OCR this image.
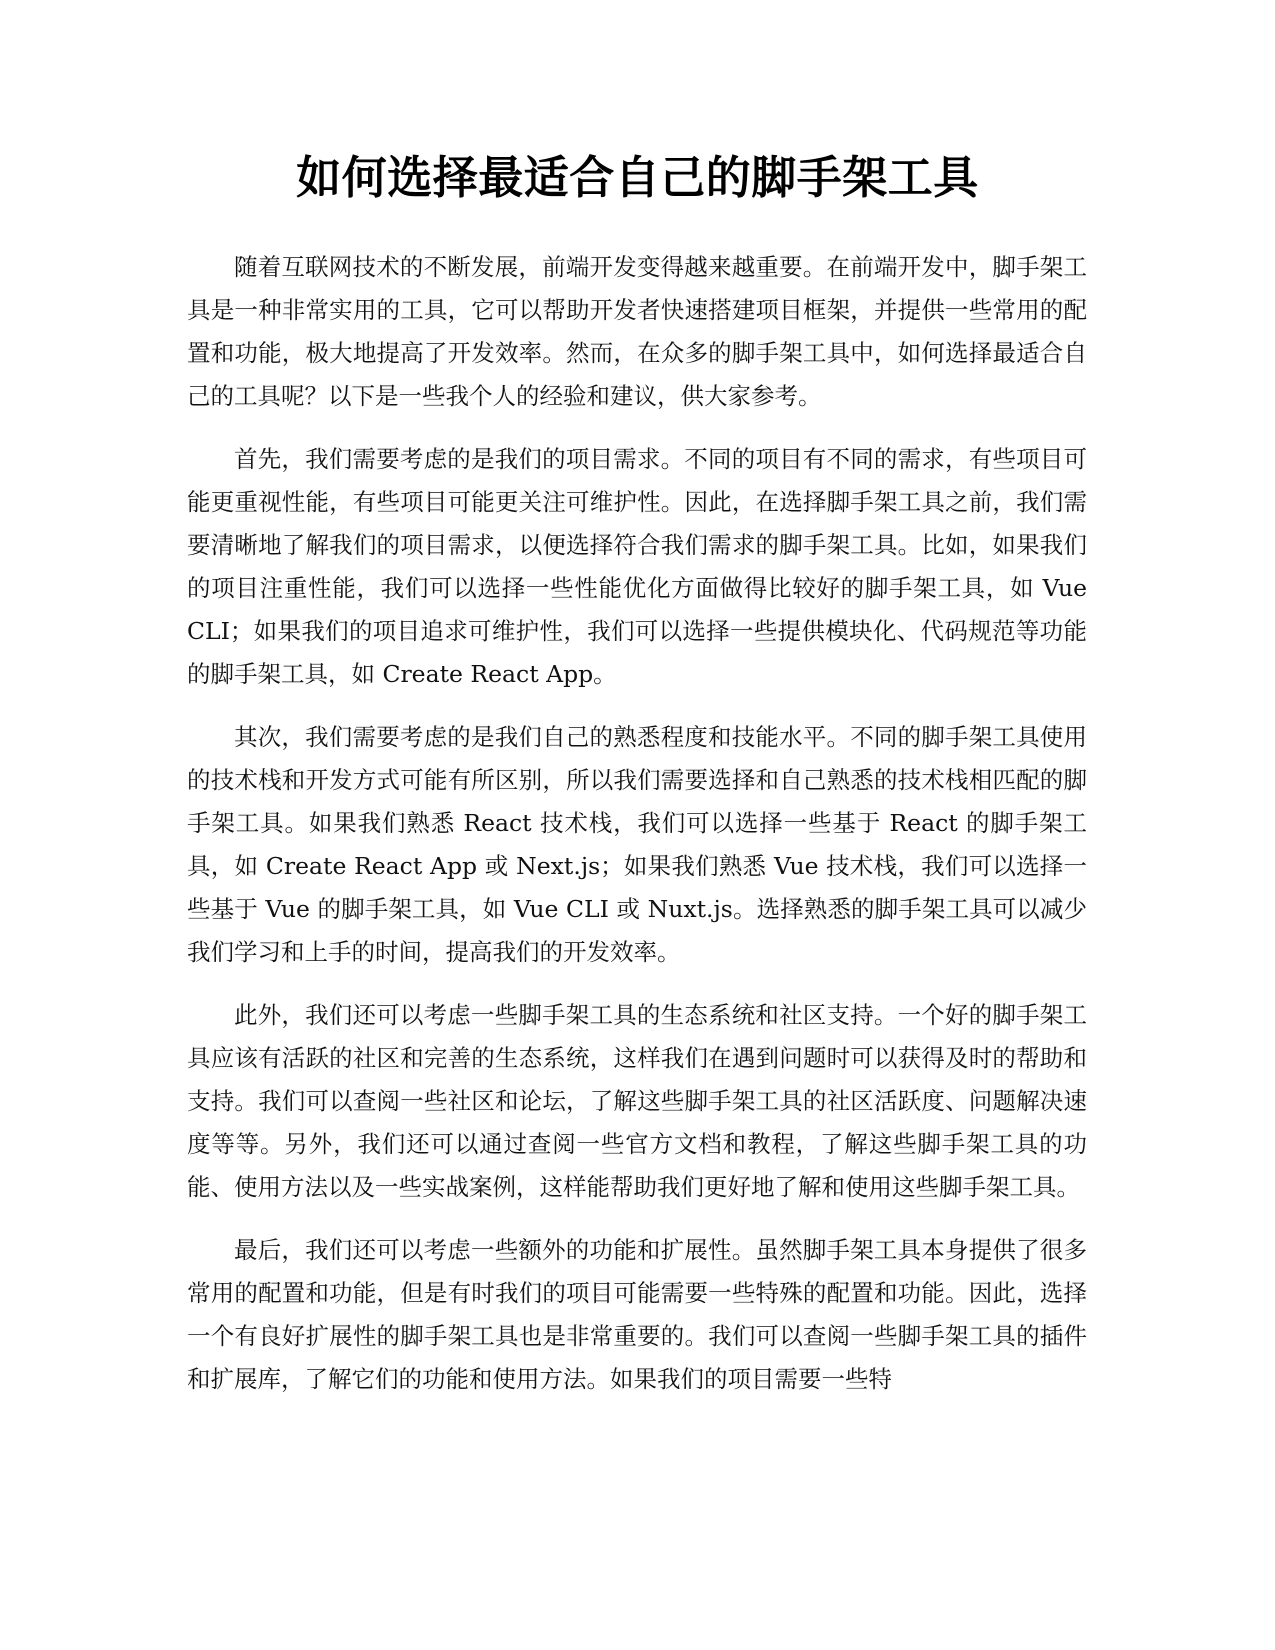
如何选择最适合自己的脚手架工具

随着互联网技术的不断发展，前端开发变得越来越重要。在前端开发中，脚手架工具是一种非常实用的工具，它可以帮助开发者快速搭建项目框架，并提供一些常用的配置和功能，极大地提高了开发效率。然而，在众多的脚手架工具中，如何选择最适合自己的工具呢？以下是一些我个人的经验和建议，供大家参考。

首先，我们需要考虑的是我们的项目需求。不同的项目有不同的需求，有些项目可能更重视性能，有些项目可能更关注可维护性。因此，在选择脚手架工具之前，我们需要清晰地了解我们的项目需求，以便选择符合我们需求的脚手架工具。比如，如果我们的项目注重性能，我们可以选择一些性能优化方面做得比较好的脚手架工具，如 Vue CLI；如果我们的项目追求可维护性，我们可以选择一些提供模块化、代码规范等功能的脚手架工具，如 Create React App。

其次，我们需要考虑的是我们自己的熟悉程度和技能水平。不同的脚手架工具使用的技术栈和开发方式可能有所区别，所以我们需要选择和自己熟悉的技术栈相匹配的脚手架工具。如果我们熟悉 React 技术栈，我们可以选择一些基于 React 的脚手架工具，如 Create React App 或 Next.js；如果我们熟悉 Vue 技术栈，我们可以选择一些基于 Vue 的脚手架工具，如 Vue CLI 或 Nuxt.js。选择熟悉的脚手架工具可以减少我们学习和上手的时间，提高我们的开发效率。

此外，我们还可以考虑一些脚手架工具的生态系统和社区支持。一个好的脚手架工具应该有活跃的社区和完善的生态系统，这样我们在遇到问题时可以获得及时的帮助和支持。我们可以查阅一些社区和论坛，了解这些脚手架工具的社区活跃度、问题解决速度等等。另外，我们还可以通过查阅一些官方文档和教程，了解这些脚手架工具的功能、使用方法以及一些实战案例，这样能帮助我们更好地了解和使用这些脚手架工具。

最后，我们还可以考虑一些额外的功能和扩展性。虽然脚手架工具本身提供了很多常用的配置和功能，但是有时我们的项目可能需要一些特殊的配置和功能。因此，选择一个有良好扩展性的脚手架工具也是非常重要的。我们可以查阅一些脚手架工具的插件和扩展库，了解它们的功能和使用方法。如果我们的项目需要一些特
